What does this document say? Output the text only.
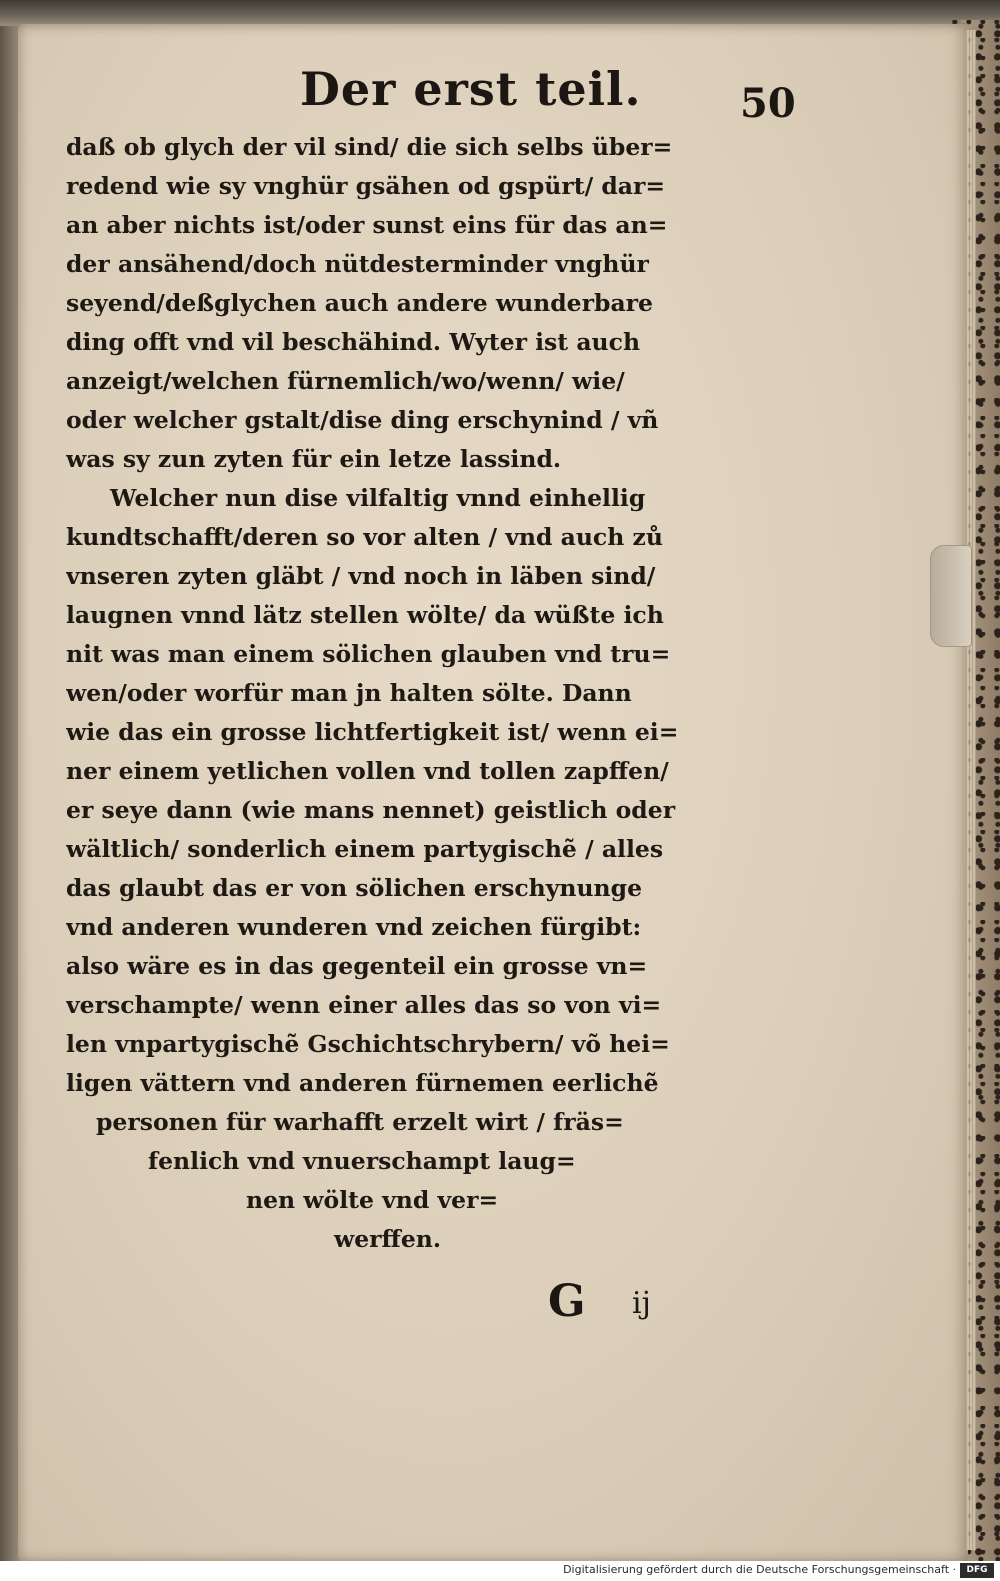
Der erst teil. 50
daß ob glych der vil sind/ die sich selbs über=
redend wie sy vnghür gsähen od gspürt/ dar=
an aber nichts ist/oder sunst eins für das an=
der ansähend/doch nütdesterminder vnghür
seyend/deßglychen auch andere wunderbare
ding offt vnd vil beschähind. Wyter ist auch
anzeigt/welchen fürnemlich/wo/wenn/ wie/
oder welcher gstalt/dise ding erschynind / vñ
was sy zun zyten für ein letze lassind.
Welcher nun dise vilfaltig vnnd einhellig
kundtschafft/deren so vor alten / vnd auch zů
vnseren zyten gläbt / vnd noch in läben sind/
laugnen vnnd lätz stellen wölte/ da wüßte ich
nit was man einem sölichen glauben vnd tru=
wen/oder worfür man jn halten sölte. Dann
wie das ein grosse lichtfertigkeit ist/ wenn ei=
ner einem yetlichen vollen vnd tollen zapffen/
er seye dann (wie mans nennet) geistlich oder
wältlich/ sonderlich einem partygischẽ / alles
das glaubt das er von sölichen erschynunge
vnd anderen wunderen vnd zeichen fürgibt:
also wäre es in das gegenteil ein grosse vn=
verschampte/ wenn einer alles das so von vi=
len vnpartygischẽ Gschichtschrybern/ võ hei=
ligen vättern vnd anderen fürnemen eerlichẽ
personen für warhafft erzelt wirt / fräs=
fenlich vnd vnuerschampt laug=
nen wölte vnd ver=
werffen.
G ij
Digitalisierung gefördert durch die Deutsche Forschungsgemeinschaft ·	DFG
